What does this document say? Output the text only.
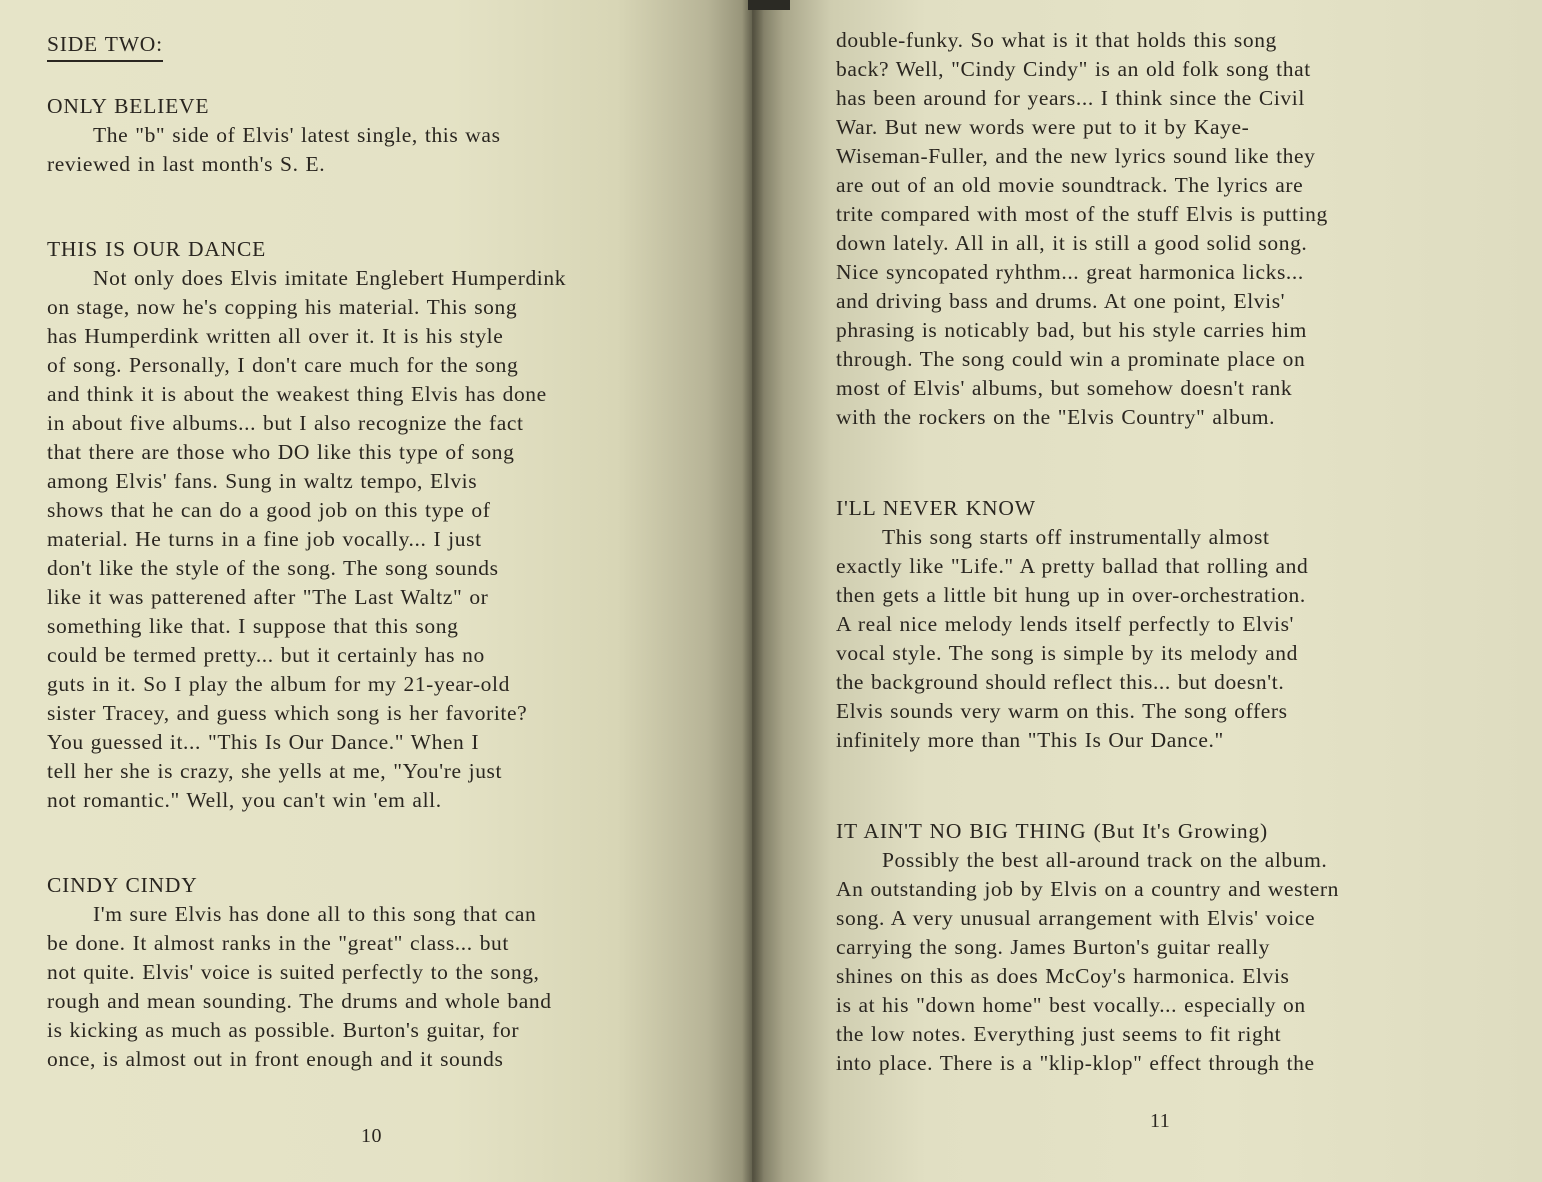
SIDE TWO:
ONLY BELIEVE
The "b" side of Elvis' latest single, this was
reviewed in last month's S. E.
THIS IS OUR DANCE
Not only does Elvis imitate Englebert Humperdink
on stage, now he's copping his material. This song
has Humperdink written all over it. It is his style
of song. Personally, I don't care much for the song
and think it is about the weakest thing Elvis has done
in about five albums... but I also recognize the fact
that there are those who DO like this type of song
among Elvis' fans. Sung in waltz tempo, Elvis
shows that he can do a good job on this type of
material. He turns in a fine job vocally... I just
don't like the style of the song. The song sounds
like it was patterened after "The Last Waltz" or
something like that. I suppose that this song
could be termed pretty... but it certainly has no
guts in it. So I play the album for my 21-year-old
sister Tracey, and guess which song is her favorite?
You guessed it... "This Is Our Dance." When I
tell her she is crazy, she yells at me, "You're just
not romantic." Well, you can't win 'em all.
CINDY CINDY
I'm sure Elvis has done all to this song that can
be done. It almost ranks in the "great" class... but
not quite. Elvis' voice is suited perfectly to the song,
rough and mean sounding. The drums and whole band
is kicking as much as possible. Burton's guitar, for
once, is almost out in front enough and it sounds
10
double-funky. So what is it that holds this song
back? Well, "Cindy Cindy" is an old folk song that
has been around for years... I think since the Civil
War. But new words were put to it by Kaye-
Wiseman-Fuller, and the new lyrics sound like they
are out of an old movie soundtrack. The lyrics are
trite compared with most of the stuff Elvis is putting
down lately. All in all, it is still a good solid song.
Nice syncopated ryhthm... great harmonica licks...
and driving bass and drums. At one point, Elvis'
phrasing is noticably bad, but his style carries him
through. The song could win a prominate place on
most of Elvis' albums, but somehow doesn't rank
with the rockers on the "Elvis Country" album.
I'LL NEVER KNOW
This song starts off instrumentally almost
exactly like "Life." A pretty ballad that rolling and
then gets a little bit hung up in over-orchestration.
A real nice melody lends itself perfectly to Elvis'
vocal style. The song is simple by its melody and
the background should reflect this... but doesn't.
Elvis sounds very warm on this. The song offers
infinitely more than "This Is Our Dance."
IT AIN'T NO BIG THING (But It's Growing)
Possibly the best all-around track on the album.
An outstanding job by Elvis on a country and western
song. A very unusual arrangement with Elvis' voice
carrying the song. James Burton's guitar really
shines on this as does McCoy's harmonica. Elvis
is at his "down home" best vocally... especially on
the low notes. Everything just seems to fit right
into place. There is a "klip-klop" effect through the
11
